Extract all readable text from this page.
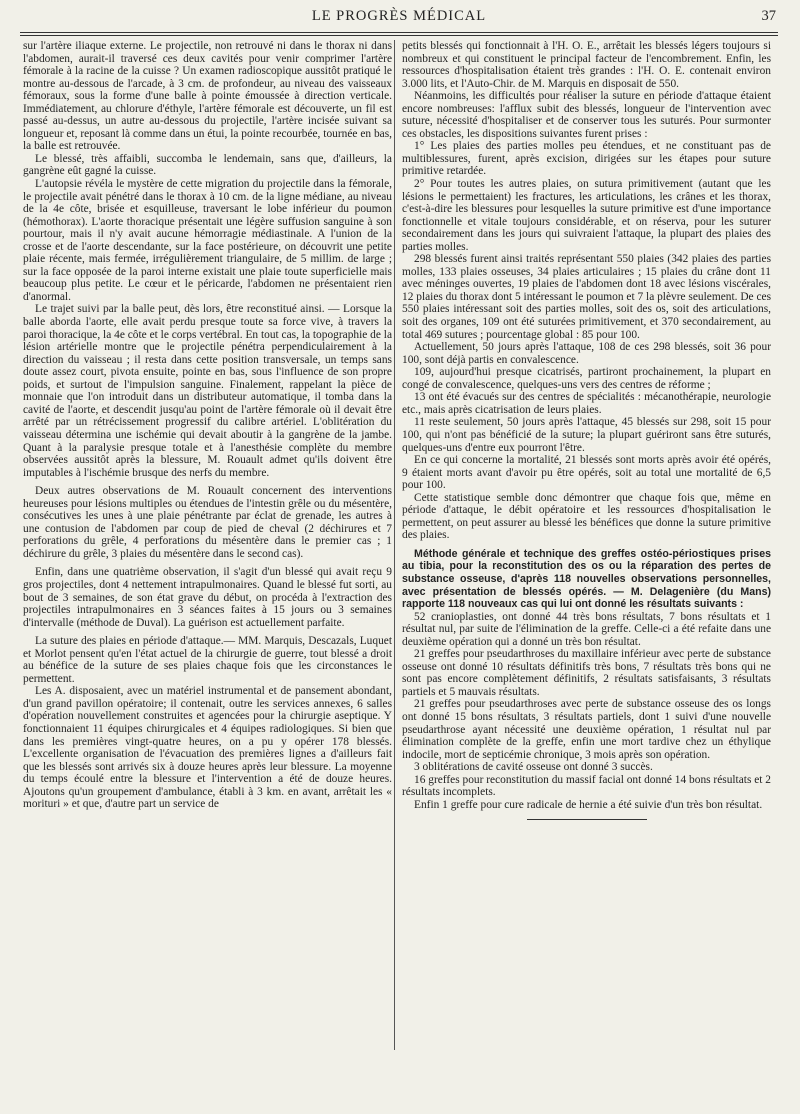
LE PROGRÈS MÉDICAL	37

sur l'artère iliaque externe. Le projectile, non retrouvé ni dans le thorax ni dans l'abdomen, aurait-il traversé ces deux cavités pour venir comprimer l'artère fémorale à la racine de la cuisse ? Un examen radioscopique aussitôt pratiqué le montre au-dessous de l'arcade, à 3 cm. de profondeur, au niveau des vaisseaux fémoraux, sous la forme d'une balle à pointe émoussée à direction verticale. Immédiatement, au chlorure d'éthyle, l'artère fémorale est découverte, un fil est passé au-dessus, un autre au-dessous du projectile, l'artère incisée suivant sa longueur et, reposant là comme dans un étui, la pointe recourbée, tournée en bas, la balle est retrouvée.

Le blessé, très affaibli, succomba le lendemain, sans que, d'ailleurs, la gangrène eût gagné la cuisse.

L'autopsie révéla le mystère de cette migration du projectile dans la fémorale, le projectile avait pénétré dans le thorax à 10 cm. de la ligne médiane, au niveau de la 4e côte, brisée et esquilleuse, traversant le lobe inférieur du poumon (hémothorax). L'aorte thoracique présentait une légère suffusion sanguine à son pourtour, mais il n'y avait aucune hémorragie médiastinale. A l'union de la crosse et de l'aorte descendante, sur la face postérieure, on découvrit une petite plaie récente, mais fermée, irrégulièrement triangulaire, de 5 millim. de large ; sur la face opposée de la paroi interne existait une plaie toute superficielle mais beaucoup plus petite. Le cœur et le péricarde, l'abdomen ne présentaient rien d'anormal.

Le trajet suivi par la balle peut, dès lors, être reconstitué ainsi. — Lorsque la balle aborda l'aorte, elle avait perdu presque toute sa force vive, à travers la paroi thoracique, la 4e côte et le corps vertébral. En tout cas, la topographie de la lésion artérielle montre que le projectile pénétra perpendiculairement à la direction du vaisseau ; il resta dans cette position transversale, un temps sans doute assez court, pivota ensuite, pointe en bas, sous l'influence de son propre poids, et surtout de l'impulsion sanguine. Finalement, rappelant la pièce de monnaie que l'on introduit dans un distributeur automatique, il tomba dans la cavité de l'aorte, et descendit jusqu'au point de l'artère fémorale où il devait être arrêté par un rétrécissement progressif du calibre artériel. L'oblitération du vaisseau détermina une ischémie qui devait aboutir à la gangrène de la jambe. Quant à la paralysie presque totale et à l'anesthésie complète du membre observées aussitôt après la blessure, M. Rouault admet qu'ils doivent être imputables à l'ischémie brusque des nerfs du membre.

Deux autres observations de M. Rouault concernent des interventions heureuses pour lésions multiples ou étendues de l'intestin grêle ou du mésentère, consécutives les unes à une plaie pénétrante par éclat de grenade, les autres à une contusion de l'abdomen par coup de pied de cheval (2 déchirures et 7 perforations du grêle, 4 perforations du mésentère dans le premier cas ; 1 déchirure du grêle, 3 plaies du mésentère dans le second cas).

Enfin, dans une quatrième observation, il s'agit d'un blessé qui avait reçu 9 gros projectiles, dont 4 nettement intrapulmonaires. Quand le blessé fut sorti, au bout de 3 semaines, de son état grave du début, on procéda à l'extraction des projectiles intrapulmonaires en 3 séances faites à 15 jours ou 3 semaines d'intervalle (méthode de Duval). La guérison est actuellement parfaite.

La suture des plaies en période d'attaque.— MM. Marquis, Descazals, Luquet et Morlot pensent qu'en l'état actuel de la chirurgie de guerre, tout blessé a droit au bénéfice de la suture de ses plaies chaque fois que les circonstances le permettent.

Les A. disposaient, avec un matériel instrumental et de pansement abondant, d'un grand pavillon opératoire; il contenait, outre les services annexes, 6 salles d'opération nouvellement construites et agencées pour la chirurgie aseptique. Y fonctionnaient 11 équipes chirurgicales et 4 équipes radiologiques. Si bien que dans les premières vingt-quatre heures, on a pu y opérer 178 blessés. L'excellente organisation de l'évacuation des premières lignes a d'ailleurs fait que les blessés sont arrivés six à douze heures après leur blessure. La moyenne du temps écoulé entre la blessure et l'intervention a été de douze heures. Ajoutons qu'un groupement d'ambulance, établi à 3 km. en avant, arrêtait les « morituri » et que, d'autre part un service de

petits blessés qui fonctionnait à l'H. O. E., arrêtait les blessés légers toujours si nombreux et qui constituent le principal facteur de l'encombrement. Enfin, les ressources d'hospitalisation étaient très grandes : l'H. O. E. contenait environ 3.000 lits, et l'Auto-Chir. de M. Marquis en disposait de 550.

Néanmoins, les difficultés pour réaliser la suture en période d'attaque étaient encore nombreuses: l'afflux subit des blessés, longueur de l'intervention avec suture, nécessité d'hospitaliser et de conserver tous les suturés. Pour surmonter ces obstacles, les dispositions suivantes furent prises :

1° Les plaies des parties molles peu étendues, et ne constituant pas de multiblessures, furent, après excision, dirigées sur les étapes pour suture primitive retardée.

2° Pour toutes les autres plaies, on sutura primitivement (autant que les lésions le permettaient) les fractures, les articulations, les crânes et les thorax, c'est-à-dire les blessures pour lesquelles la suture primitive est d'une importance fonctionnelle et vitale toujours considérable, et on réserva, pour les suturer secondairement dans les jours qui suivraient l'attaque, la plupart des plaies des parties molles.

298 blessés furent ainsi traités représentant 550 plaies (342 plaies des parties molles, 133 plaies osseuses, 34 plaies articulaires ; 15 plaies du crâne dont 11 avec méninges ouvertes, 19 plaies de l'abdomen dont 18 avec lésions viscérales, 12 plaies du thorax dont 5 intéressant le poumon et 7 la plèvre seulement. De ces 550 plaies intéressant soit des parties molles, soit des os, soit des articulations, soit des organes, 109 ont été suturées primitivement, et 370 secondairement, au total 469 sutures ; pourcentage global : 85 pour 100.

Actuellement, 50 jours après l'attaque, 108 de ces 298 blessés, soit 36 pour 100, sont déjà partis en convalescence.

109, aujourd'hui presque cicatrisés, partiront prochainement, la plupart en congé de convalescence, quelques-uns vers des centres de réforme ;

13 ont été évacués sur des centres de spécialités : mécanothérapie, neurologie etc., mais après cicatrisation de leurs plaies.

11 reste seulement, 50 jours après l'attaque, 45 blessés sur 298, soit 15 pour 100, qui n'ont pas bénéficié de la suture; la plupart guériront sans être suturés, quelques-uns d'entre eux pourront l'être.

En ce qui concerne la mortalité, 21 blessés sont morts après avoir été opérés, 9 étaient morts avant d'avoir pu être opérés, soit au total une mortalité de 6,5 pour 100.

Cette statistique semble donc démontrer que chaque fois que, même en période d'attaque, le débit opératoire et les ressources d'hospitalisation le permettent, on peut assurer au blessé les bénéfices que donne la suture primitive des plaies.

Méthode générale et technique des greffes ostéo-périostiques prises au tibia, pour la reconstitution des os ou la réparation des pertes de substance osseuse, d'après 118 nouvelles observations personnelles, avec présentation de blessés opérés. — M. Delagenière (du Mans) rapporte 118 nouveaux cas qui lui ont donné les résultats suivants :

52 cranioplasties, ont donné 44 très bons résultats, 7 bons résultats et 1 résultat nul, par suite de l'élimination de la greffe. Celle-ci a été refaite dans une deuxième opération qui a donné un très bon résultat.

21 greffes pour pseudarthroses du maxillaire inférieur avec perte de substance osseuse ont donné 10 résultats définitifs très bons, 7 résultats très bons qui ne sont pas encore complètement définitifs, 2 résultats satisfaisants, 3 résultats partiels et 5 mauvais résultats.

21 greffes pour pseudarthroses avec perte de substance osseuse des os longs ont donné 15 bons résultats, 3 résultats partiels, dont 1 suivi d'une nouvelle pseudarthrose ayant nécessité une deuxième opération, 1 résultat nul par élimination complète de la greffe, enfin une mort tardive chez un éthylique indocile, mort de septicémie chronique, 3 mois après son opération.

3 oblitérations de cavité osseuse ont donné 3 succès.

16 greffes pour reconstitution du massif facial ont donné 14 bons résultats et 2 résultats incomplets.

Enfin 1 greffe pour cure radicale de hernie a été suivie d'un très bon résultat.
